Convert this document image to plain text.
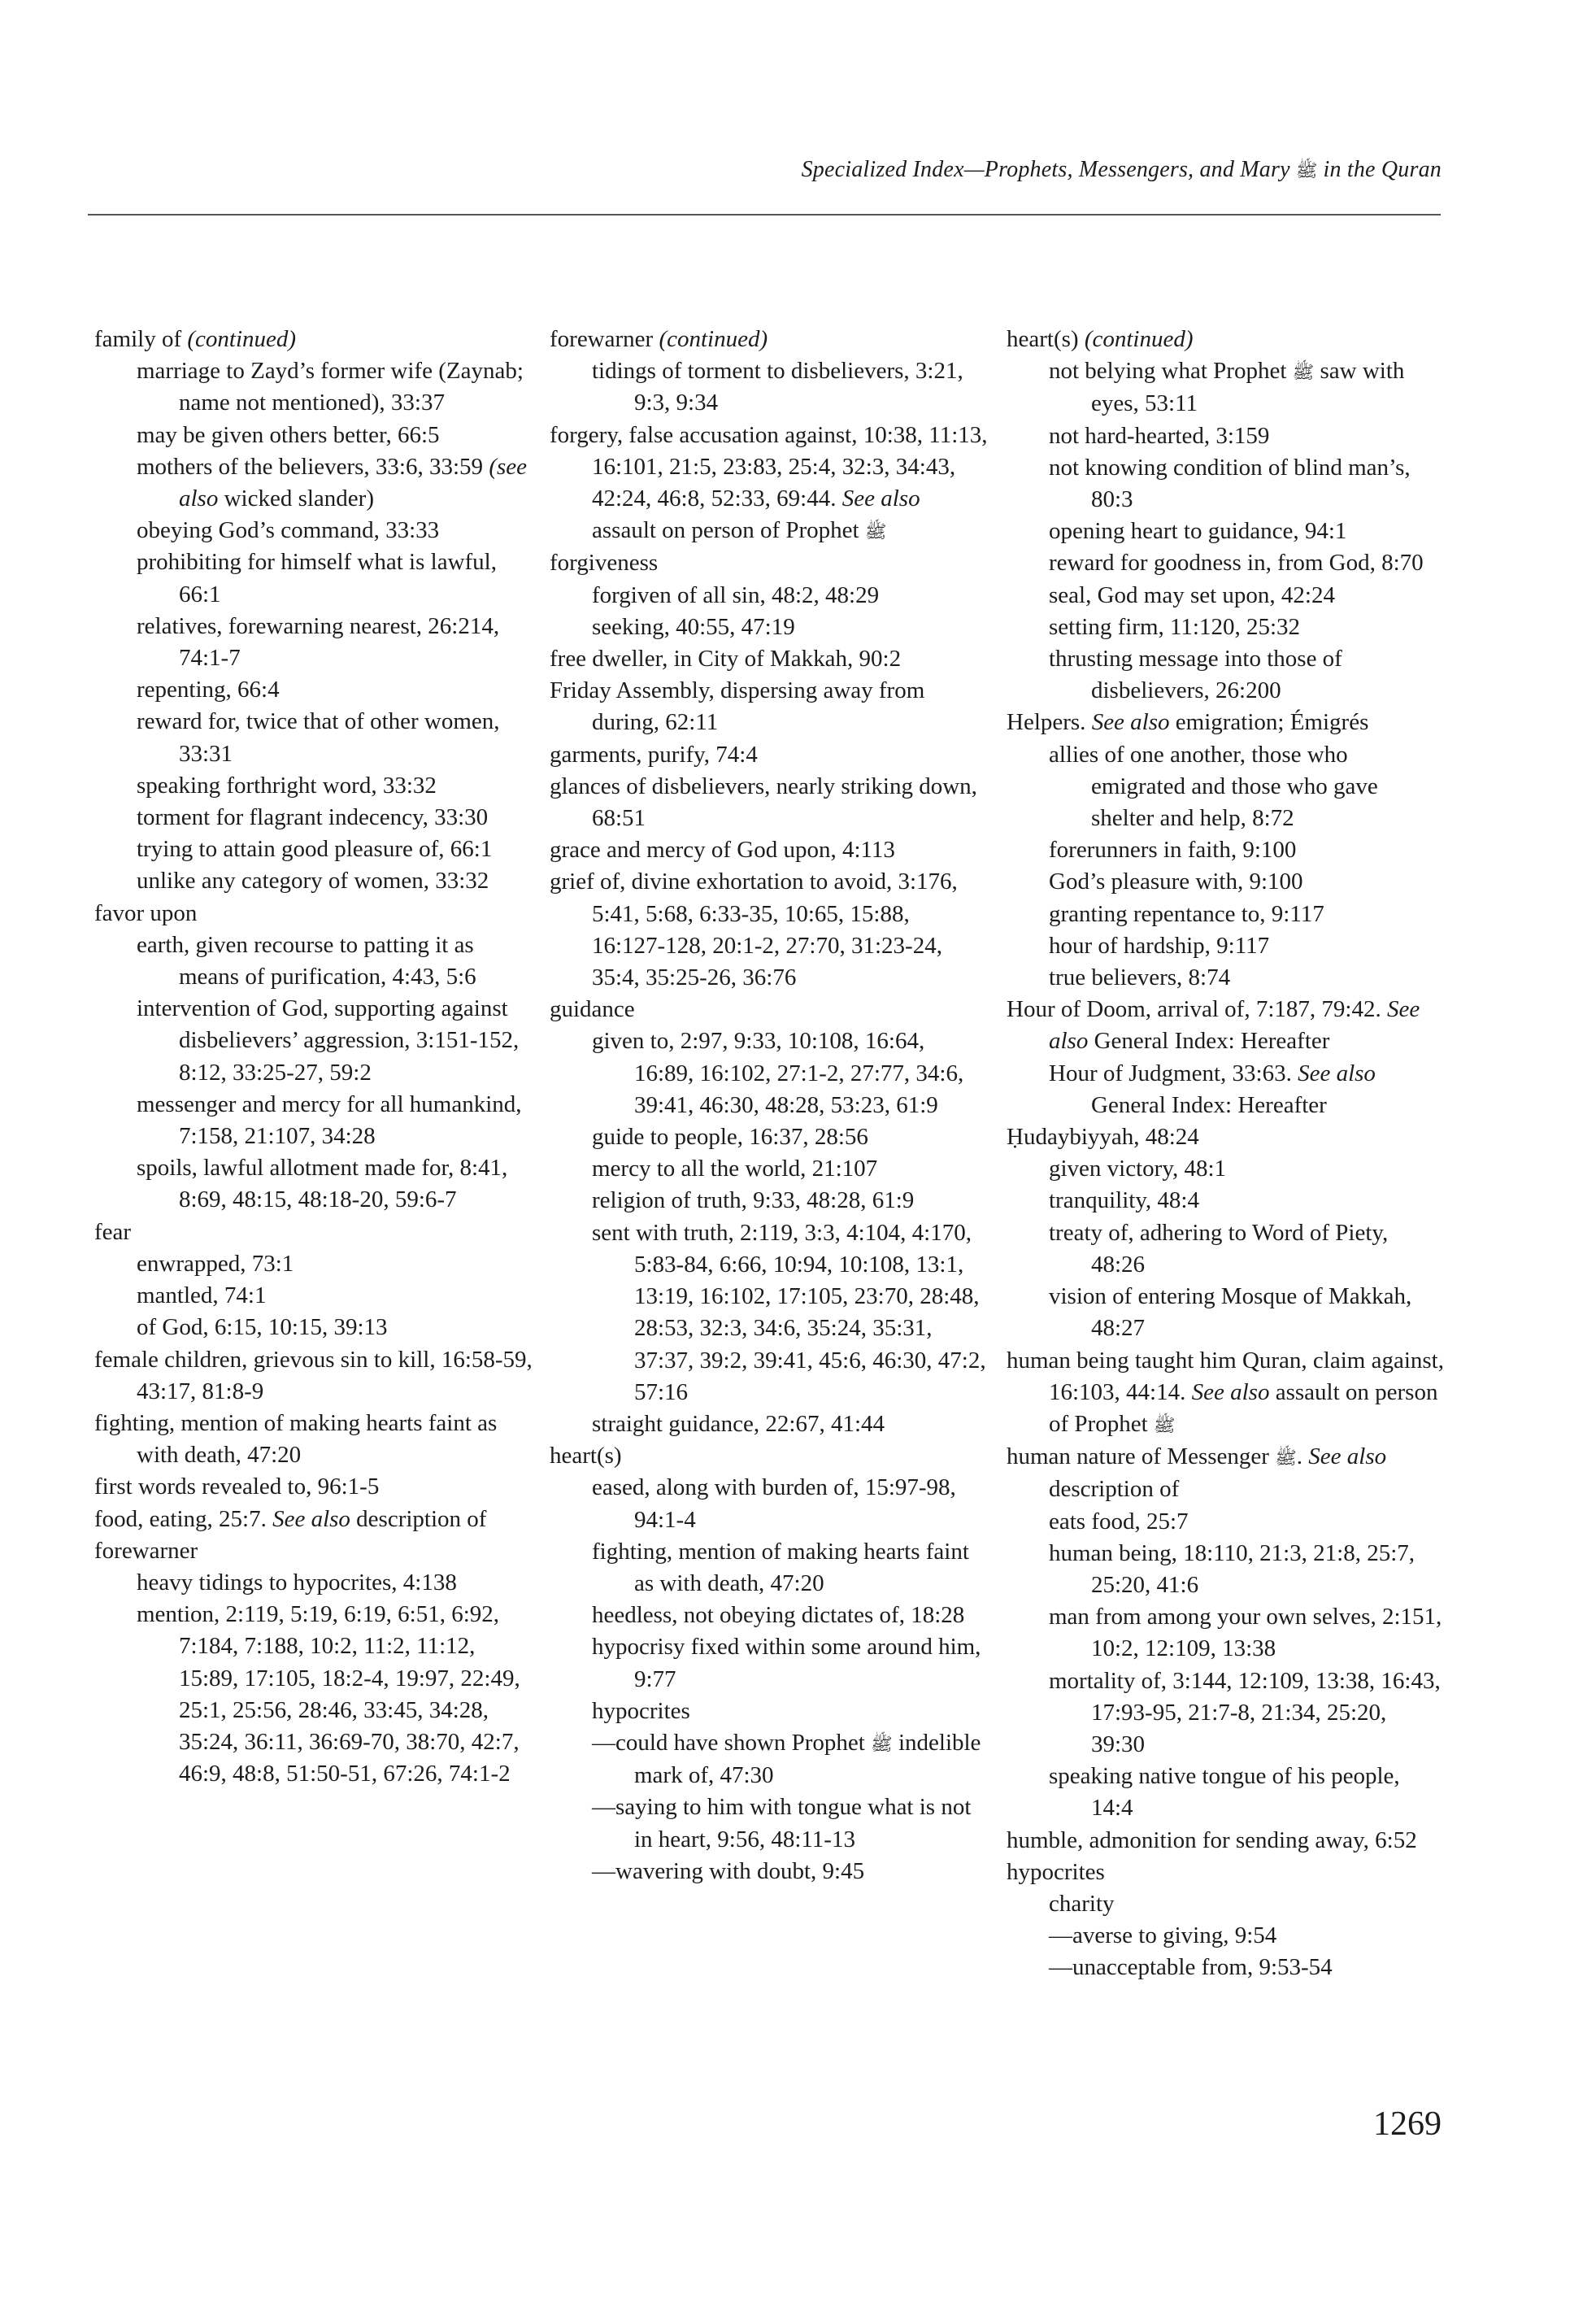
Specialized Index—Prophets, Messengers, and Mary ﷺ in the Quran
family of (continued)
marriage to Zayd’s former wife (Zaynab; name not mentioned), 33:37
may be given others better, 66:5
mothers of the believers, 33:6, 33:59 (see also wicked slander)
obeying God’s command, 33:33
prohibiting for himself what is lawful, 66:1
relatives, forewarning nearest, 26:214, 74:1-7
repenting, 66:4
reward for, twice that of other women, 33:31
speaking forthright word, 33:32
torment for flagrant indecency, 33:30
trying to attain good pleasure of, 66:1
unlike any category of women, 33:32
favor upon
earth, given recourse to patting it as means of purification, 4:43, 5:6
intervention of God, supporting against disbelievers’ aggression, 3:151-152, 8:12, 33:25-27, 59:2
messenger and mercy for all humankind, 7:158, 21:107, 34:28
spoils, lawful allotment made for, 8:41, 8:69, 48:15, 48:18-20, 59:6-7
fear
enwrapped, 73:1
mantled, 74:1
of God, 6:15, 10:15, 39:13
female children, grievous sin to kill, 16:58-59, 43:17, 81:8-9
fighting, mention of making hearts faint as with death, 47:20
first words revealed to, 96:1-5
food, eating, 25:7. See also description of
forewarner
heavy tidings to hypocrites, 4:138
mention, 2:119, 5:19, 6:19, 6:51, 6:92, 7:184, 7:188, 10:2, 11:2, 11:12, 15:89, 17:105, 18:2-4, 19:97, 22:49, 25:1, 25:56, 28:46, 33:45, 34:28, 35:24, 36:11, 36:69-70, 38:70, 42:7, 46:9, 48:8, 51:50-51, 67:26, 74:1-2
forewarner (continued)
tidings of torment to disbelievers, 3:21, 9:3, 9:34
forgery, false accusation against, 10:38, 11:13, 16:101, 21:5, 23:83, 25:4, 32:3, 34:43, 42:24, 46:8, 52:33, 69:44. See also assault on person of Prophet ﷺ
forgiveness
forgiven of all sin, 48:2, 48:29
seeking, 40:55, 47:19
free dweller, in City of Makkah, 90:2
Friday Assembly, dispersing away from during, 62:11
garments, purify, 74:4
glances of disbelievers, nearly striking down, 68:51
grace and mercy of God upon, 4:113
grief of, divine exhortation to avoid, 3:176, 5:41, 5:68, 6:33-35, 10:65, 15:88, 16:127-128, 20:1-2, 27:70, 31:23-24, 35:4, 35:25-26, 36:76
guidance
given to, 2:97, 9:33, 10:108, 16:64, 16:89, 16:102, 27:1-2, 27:77, 34:6, 39:41, 46:30, 48:28, 53:23, 61:9
guide to people, 16:37, 28:56
mercy to all the world, 21:107
religion of truth, 9:33, 48:28, 61:9
sent with truth, 2:119, 3:3, 4:104, 4:170, 5:83-84, 6:66, 10:94, 10:108, 13:1, 13:19, 16:102, 17:105, 23:70, 28:48, 28:53, 32:3, 34:6, 35:24, 35:31, 37:37, 39:2, 39:41, 45:6, 46:30, 47:2, 57:16
straight guidance, 22:67, 41:44
heart(s)
eased, along with burden of, 15:97-98, 94:1-4
fighting, mention of making hearts faint as with death, 47:20
heedless, not obeying dictates of, 18:28
hypocrisy fixed within some around him, 9:77
hypocrites
—could have shown Prophet ﷺ indelible mark of, 47:30
—saying to him with tongue what is not in heart, 9:56, 48:11-13
—wavering with doubt, 9:45
heart(s) (continued)
not belying what Prophet ﷺ saw with eyes, 53:11
not hard-hearted, 3:159
not knowing condition of blind man’s, 80:3
opening heart to guidance, 94:1
reward for goodness in, from God, 8:70
seal, God may set upon, 42:24
setting firm, 11:120, 25:32
thrusting message into those of disbelievers, 26:200
Helpers. See also emigration; Émigrés
allies of one another, those who emigrated and those who gave shelter and help, 8:72
forerunners in faith, 9:100
God’s pleasure with, 9:100
granting repentance to, 9:117
hour of hardship, 9:117
true believers, 8:74
Hour of Doom, arrival of, 7:187, 79:42. See also General Index: Hereafter
Hour of Judgment, 33:63. See also General Index: Hereafter
Ḥudaybiyyah, 48:24
given victory, 48:1
tranquility, 48:4
treaty of, adhering to Word of Piety, 48:26
vision of entering Mosque of Makkah, 48:27
human being taught him Quran, claim against, 16:103, 44:14. See also assault on person of Prophet ﷺ
human nature of Messenger ﷺ. See also description of
eats food, 25:7
human being, 18:110, 21:3, 21:8, 25:7, 25:20, 41:6
man from among your own selves, 2:151, 10:2, 12:109, 13:38
mortality of, 3:144, 12:109, 13:38, 16:43, 17:93-95, 21:7-8, 21:34, 25:20, 39:30
speaking native tongue of his people, 14:4
humble, admonition for sending away, 6:52
hypocrites
charity
—averse to giving, 9:54
—unacceptable from, 9:53-54
1269
